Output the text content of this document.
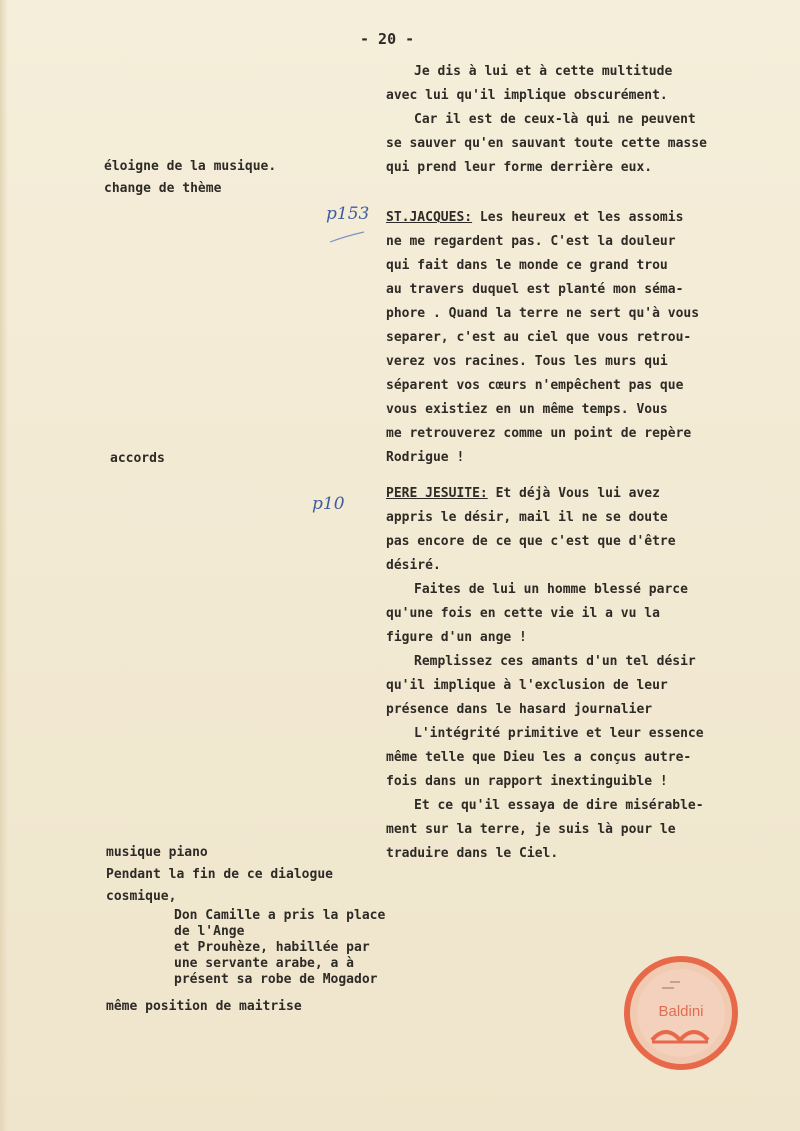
- 20 -
Je dis à lui et à cette multitude
avec lui qu'il implique obscurément.
Car il est de ceux-là qui ne peuvent
se sauver qu'en sauvant toute cette masse
qui prend leur forme derrière eux.
ST.JACQUES: Les heureux et les assomis
ne me regardent pas. C'est la douleur
qui fait dans le monde ce grand trou
au travers duquel est planté mon séma-
phore . Quand la terre ne sert qu'à vous
separer, c'est au ciel que vous retrou-
verez vos racines. Tous les murs qui
séparent vos cœurs n'empêchent pas que
vous existiez en un même temps. Vous
me retrouverez comme un point de repère
Rodrigue !
PERE JESUITE: Et déjà Vous lui avez
appris le désir, mail il ne se doute
pas encore de ce que c'est que d'être
désiré.
Faites de lui un homme blessé parce
qu'une fois en cette vie il a vu la
figure d'un ange !
Remplissez ces amants d'un tel désir
qu'il implique à l'exclusion de leur
présence dans le hasard journalier
L'intégrité primitive et leur essence
même telle que Dieu les a conçus autre-
fois dans un rapport inextinguible !
Et ce qu'il essaya de dire misérable-
ment sur la terre, je suis là pour le
traduire dans le Ciel.
éloigne de la musique.
change de thème
accords
musique piano
Pendant la fin de ce dialogue
cosmique,
Don Camille a pris la place
de l'Ange
et Prouhèze, habillée par
une servante arabe, a à
présent sa robe de Mogador
même position de maitrise
p153
p10
Baldini
